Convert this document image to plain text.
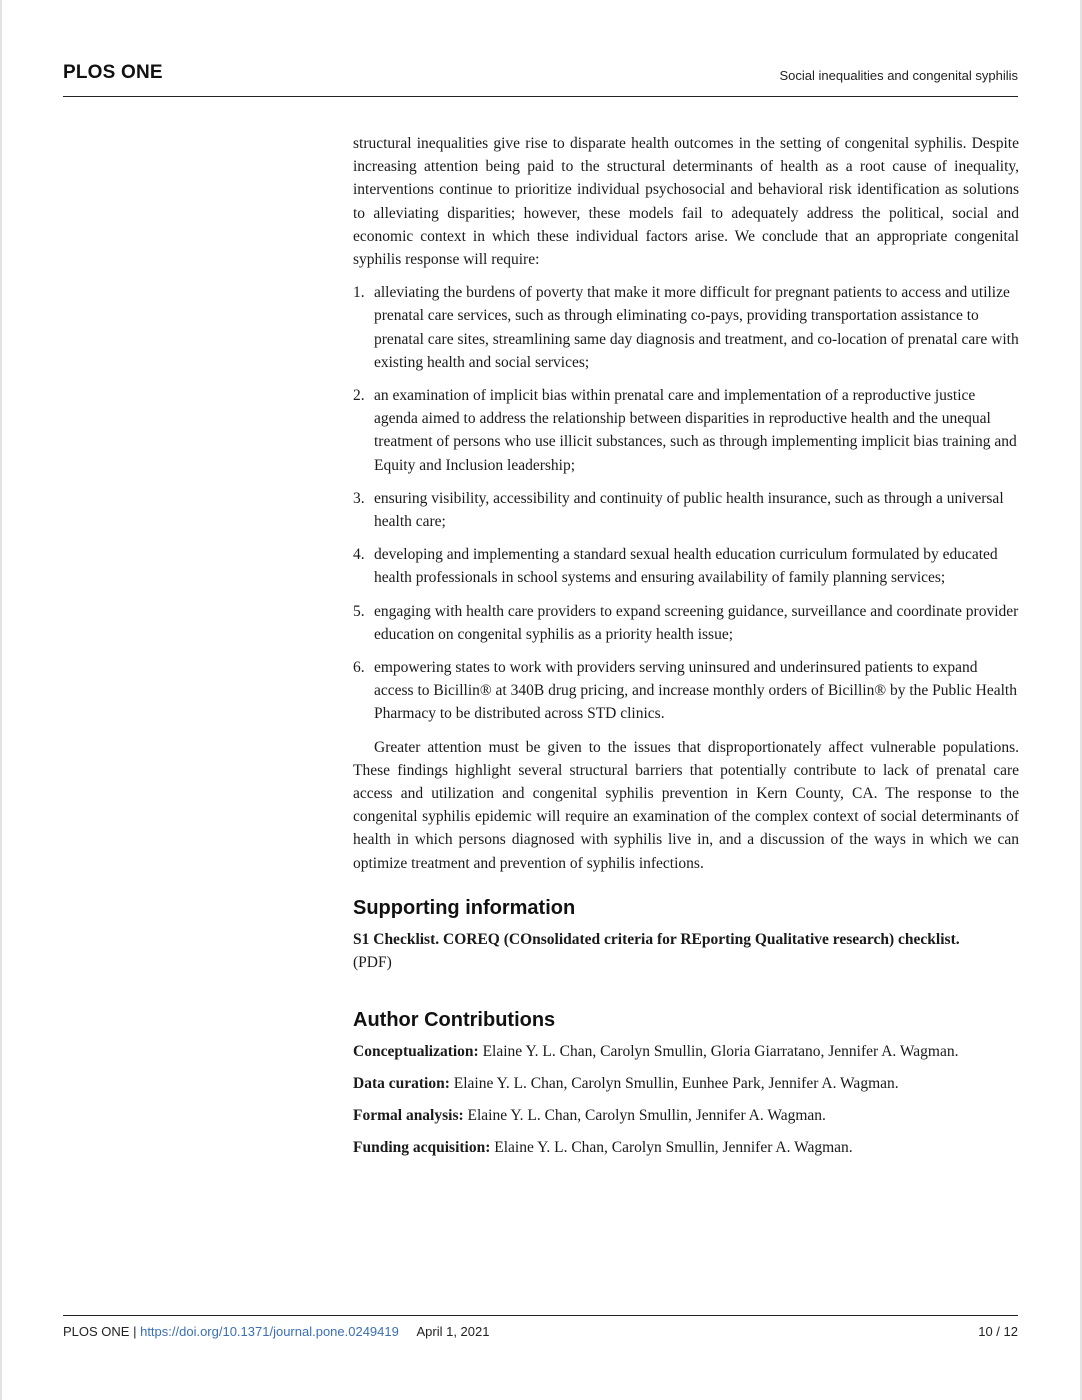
PLOS ONE	Social inequalities and congenital syphilis

structural inequalities give rise to disparate health outcomes in the setting of congenital syphilis. Despite increasing attention being paid to the structural determinants of health as a root cause of inequality, interventions continue to prioritize individual psychosocial and behavioral risk identification as solutions to alleviating disparities; however, these models fail to adequately address the political, social and economic context in which these individual factors arise. We conclude that an appropriate congenital syphilis response will require:

1. alleviating the burdens of poverty that make it more difficult for pregnant patients to access and utilize prenatal care services, such as through eliminating co-pays, providing transportation assistance to prenatal care sites, streamlining same day diagnosis and treatment, and co-location of prenatal care with existing health and social services;
2. an examination of implicit bias within prenatal care and implementation of a reproductive justice agenda aimed to address the relationship between disparities in reproductive health and the unequal treatment of persons who use illicit substances, such as through implementing implicit bias training and Equity and Inclusion leadership;
3. ensuring visibility, accessibility and continuity of public health insurance, such as through a universal health care;
4. developing and implementing a standard sexual health education curriculum formulated by educated health professionals in school systems and ensuring availability of family planning services;
5. engaging with health care providers to expand screening guidance, surveillance and coordinate provider education on congenital syphilis as a priority health issue;
6. empowering states to work with providers serving uninsured and underinsured patients to expand access to Bicillin® at 340B drug pricing, and increase monthly orders of Bicillin® by the Public Health Pharmacy to be distributed across STD clinics.

Greater attention must be given to the issues that disproportionately affect vulnerable populations. These findings highlight several structural barriers that potentially contribute to lack of prenatal care access and utilization and congenital syphilis prevention in Kern County, CA. The response to the congenital syphilis epidemic will require an examination of the complex context of social determinants of health in which persons diagnosed with syphilis live in, and a discussion of the ways in which we can optimize treatment and prevention of syphilis infections.

Supporting information

S1 Checklist. COREQ (COnsolidated criteria for REporting Qualitative research) checklist.

(PDF)

Author Contributions

Conceptualization: Elaine Y. L. Chan, Carolyn Smullin, Gloria Giarratano, Jennifer A. Wagman.

Data curation: Elaine Y. L. Chan, Carolyn Smullin, Eunhee Park, Jennifer A. Wagman.

Formal analysis: Elaine Y. L. Chan, Carolyn Smullin, Jennifer A. Wagman.

Funding acquisition: Elaine Y. L. Chan, Carolyn Smullin, Jennifer A. Wagman.

PLOS ONE | https://doi.org/10.1371/journal.pone.0249419 April 1, 2021	10 / 12
